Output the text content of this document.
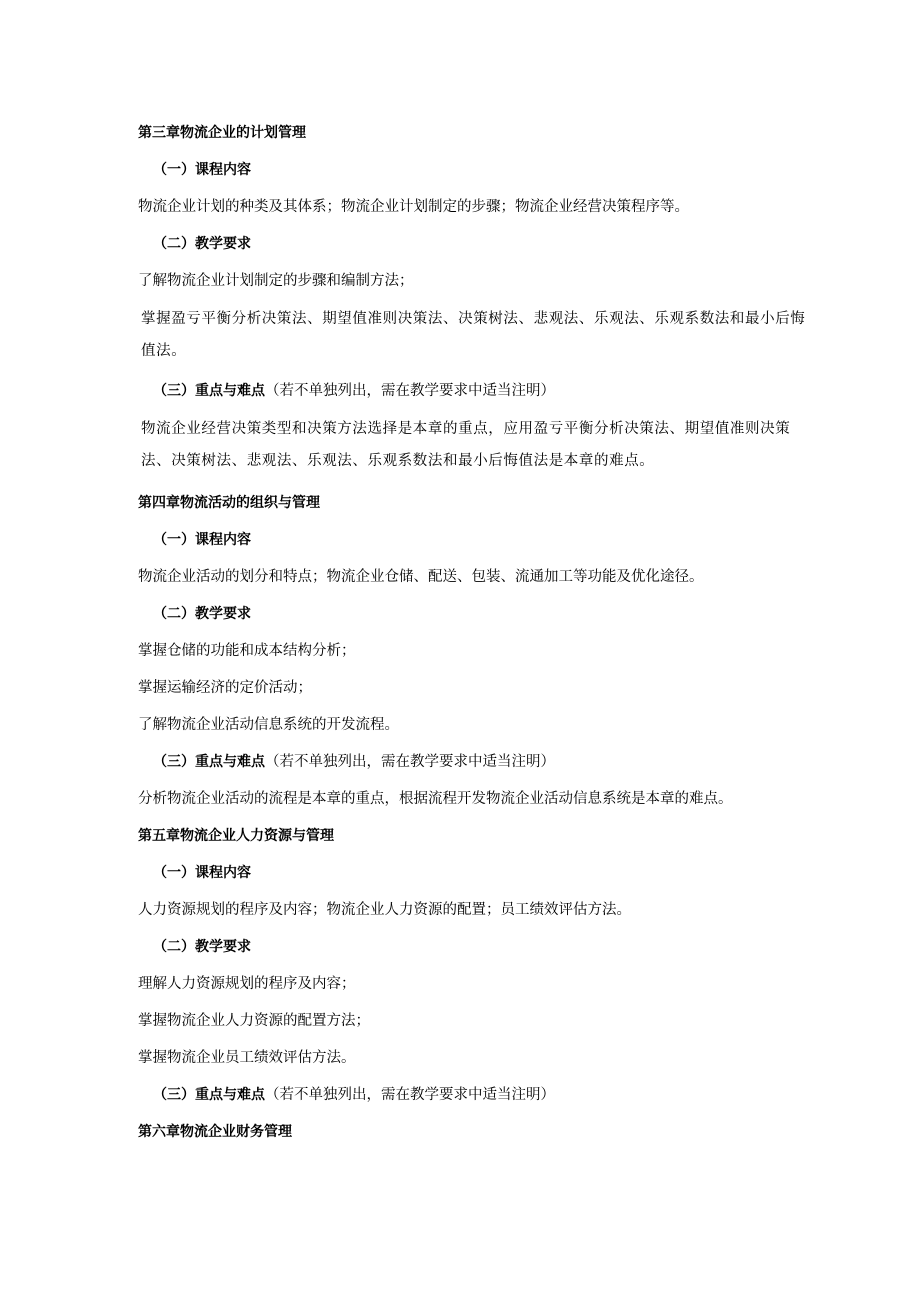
第三章物流企业的计划管理
（一）课程内容
物流企业计划的种类及其体系；物流企业计划制定的步骤；物流企业经营决策程序等。
（二）教学要求
了解物流企业计划制定的步骤和编制方法；
掌握盈亏平衡分析决策法、期望值准则决策法、决策树法、悲观法、乐观法、乐观系数法和最小后悔值法。
（三）重点与难点（若不单独列出，需在教学要求中适当注明）
物流企业经营决策类型和决策方法选择是本章的重点，应用盈亏平衡分析决策法、期望值准则决策法、决策树法、悲观法、乐观法、乐观系数法和最小后悔值法是本章的难点。
第四章物流活动的组织与管理
（一）课程内容
物流企业活动的划分和特点；物流企业仓储、配送、包装、流通加工等功能及优化途径。
（二）教学要求
掌握仓储的功能和成本结构分析；
掌握运输经济的定价活动；
了解物流企业活动信息系统的开发流程。
（三）重点与难点（若不单独列出，需在教学要求中适当注明）
分析物流企业活动的流程是本章的重点，根据流程开发物流企业活动信息系统是本章的难点。
第五章物流企业人力资源与管理
（一）课程内容
人力资源规划的程序及内容；物流企业人力资源的配置；员工绩效评估方法。
（二）教学要求
理解人力资源规划的程序及内容；
掌握物流企业人力资源的配置方法；
掌握物流企业员工绩效评估方法。
（三）重点与难点（若不单独列出，需在教学要求中适当注明）
第六章物流企业财务管理
